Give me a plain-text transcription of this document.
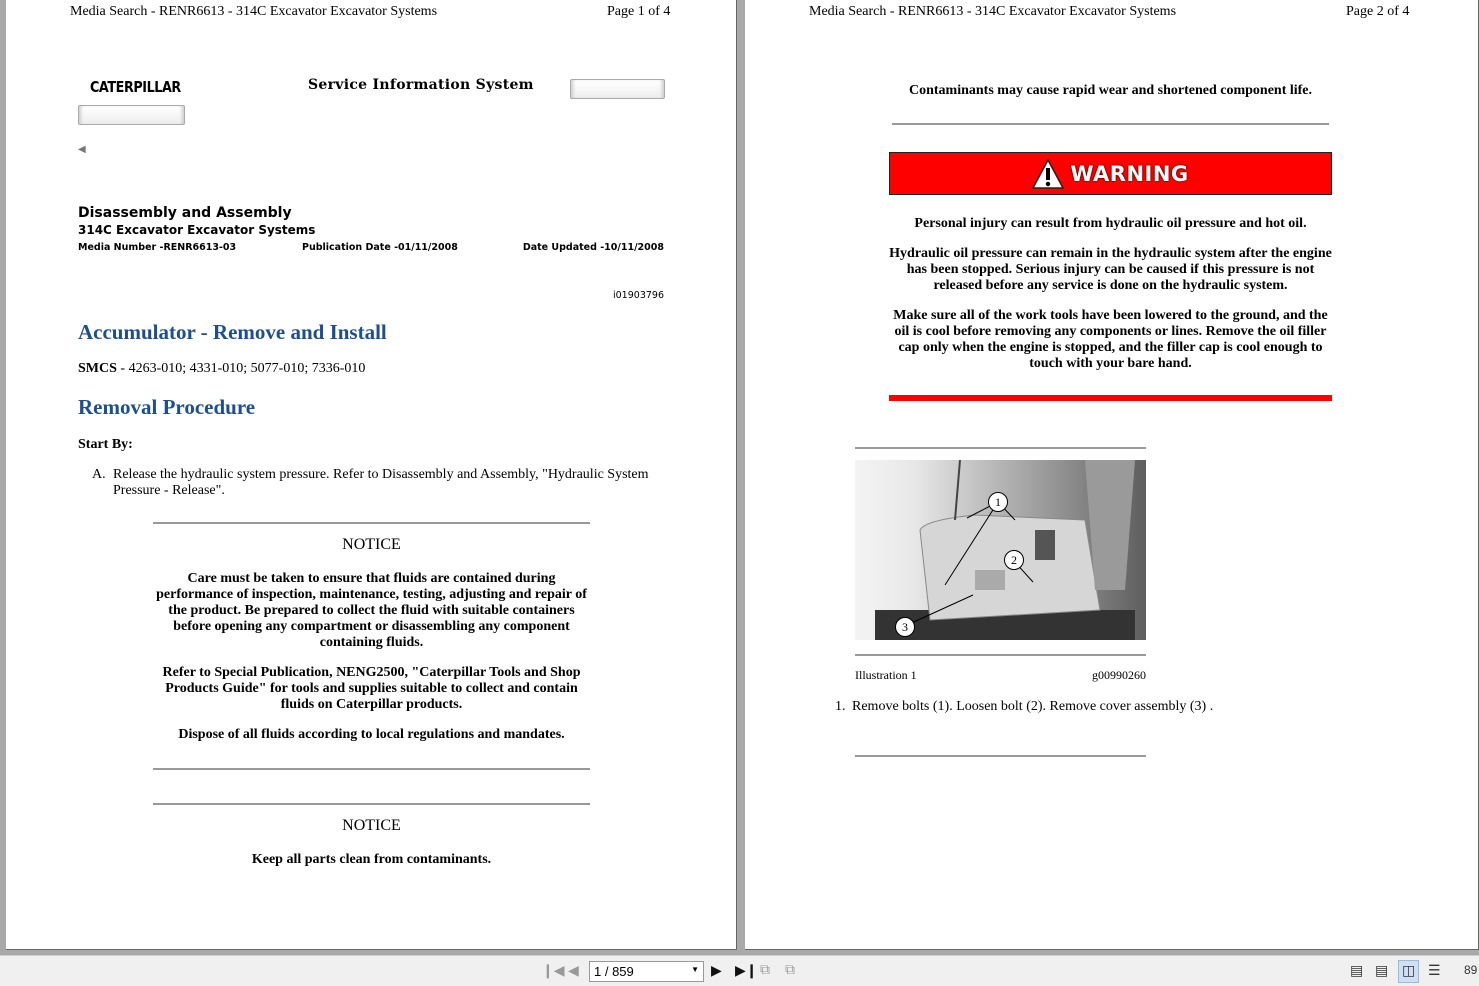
Media Search - RENR6613 - 314C Excavator Excavator Systems	Page 1 of 4
CATERPILLAR	Service Information System
◀
Disassembly and Assembly
314C Excavator Excavator Systems
Media Number -RENR6613-03	Publication Date -01/11/2008	Date Updated -10/11/2008
i01903796
Accumulator - Remove and Install
SMCS - 4263-010; 4331-010; 5077-010; 7336-010
Removal Procedure
Start By:
A. Release the hydraulic system pressure. Refer to Disassembly and Assembly, "Hydraulic System Pressure - Release".
NOTICE
Care must be taken to ensure that fluids are contained during performance of inspection, maintenance, testing, adjusting and repair of the product. Be prepared to collect the fluid with suitable containers before opening any compartment or disassembling any component containing fluids.
Refer to Special Publication, NENG2500, "Caterpillar Tools and Shop Products Guide" for tools and supplies suitable to collect and contain fluids on Caterpillar products.
Dispose of all fluids according to local regulations and mandates.
NOTICE
Keep all parts clean from contaminants.
Media Search - RENR6613 - 314C Excavator Excavator Systems	Page 2 of 4
Contaminants may cause rapid wear and shortened component life.
WARNING
Personal injury can result from hydraulic oil pressure and hot oil.
Hydraulic oil pressure can remain in the hydraulic system after the engine has been stopped. Serious injury can be caused if this pressure is not released before any service is done on the hydraulic system.
Make sure all of the work tools have been lowered to the ground, and the oil is cool before removing any components or lines. Remove the oil filler cap only when the engine is stopped, and the filler cap is cool enough to touch with your bare hand.
1
2
3
Illustration 1	g00990260
1. Remove bolts (1). Loosen bolt (2). Remove cover assembly (3) .
❙◀ ◀	1 / 859	▼ ▶ ▶❙ ⧉ ⧉	▤ ▤ ◫ ☰ 89
